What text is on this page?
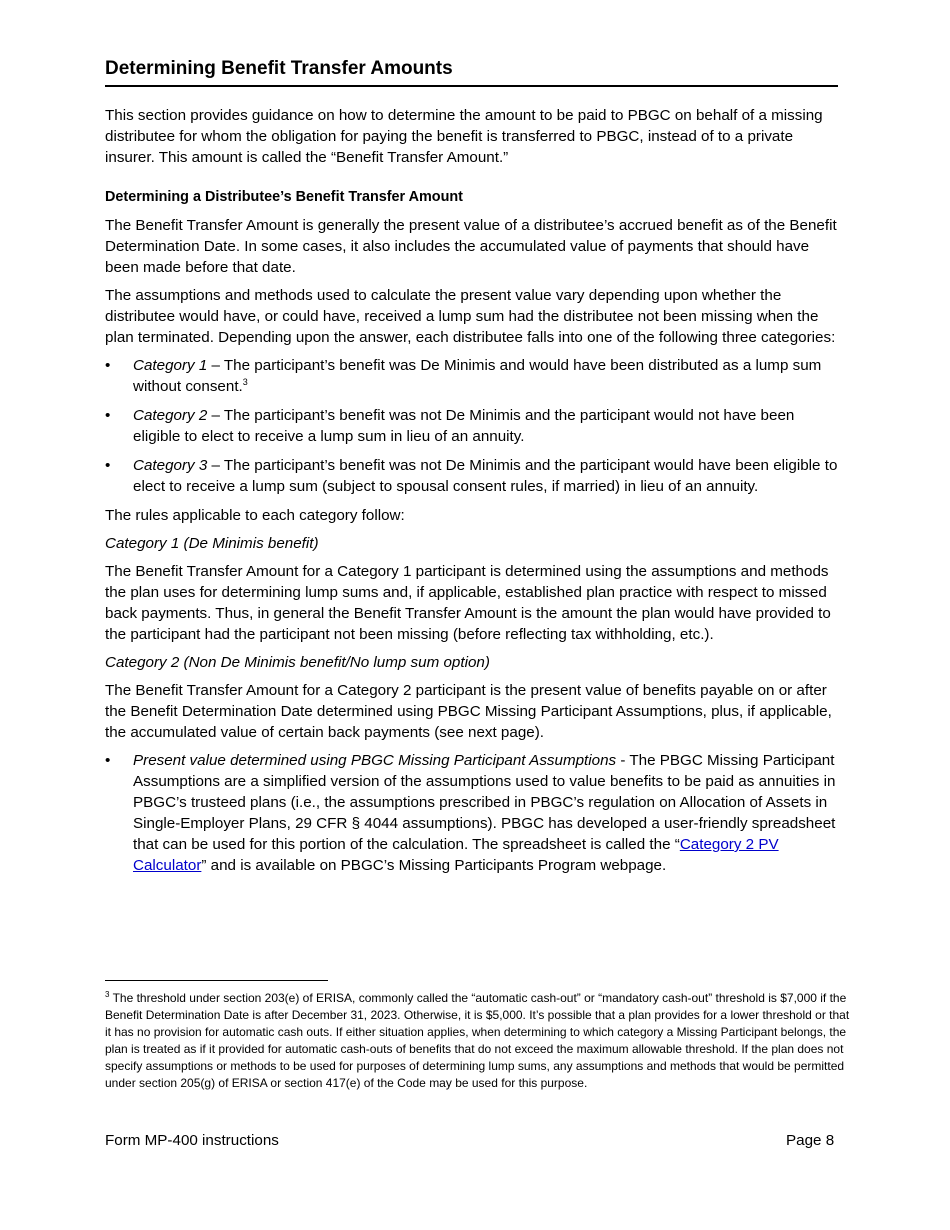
Determining Benefit Transfer Amounts

This section provides guidance on how to determine the amount to be paid to PBGC on behalf of a missing distributee for whom the obligation for paying the benefit is transferred to PBGC, instead of to a private insurer. This amount is called the “Benefit Transfer Amount.”

Determining a Distributee’s Benefit Transfer Amount

The Benefit Transfer Amount is generally the present value of a distributee’s accrued benefit as of the Benefit Determination Date. In some cases, it also includes the accumulated value of payments that should have been made before that date.

The assumptions and methods used to calculate the present value vary depending upon whether the distributee would have, or could have, received a lump sum had the distributee not been missing when the plan terminated. Depending upon the answer, each distributee falls into one of the following three categories:

•	Category 1 – The participant’s benefit was De Minimis and would have been distributed as a lump sum without consent.$^3$
•	Category 2 – The participant’s benefit was not De Minimis and the participant would not have been eligible to elect to receive a lump sum in lieu of an annuity.
•	Category 3 – The participant’s benefit was not De Minimis and the participant would have been eligible to elect to receive a lump sum (subject to spousal consent rules, if married) in lieu of an annuity.

The rules applicable to each category follow:

Category 1 (De Minimis benefit)

The Benefit Transfer Amount for a Category 1 participant is determined using the assumptions and methods the plan uses for determining lump sums and, if applicable, established plan practice with respect to missed back payments. Thus, in general the Benefit Transfer Amount is the amount the plan would have provided to the participant had the participant not been missing (before reflecting tax withholding, etc.).

Category 2 (Non De Minimis benefit/No lump sum option)

The Benefit Transfer Amount for a Category 2 participant is the present value of benefits payable on or after the Benefit Determination Date determined using PBGC Missing Participant Assumptions, plus, if applicable, the accumulated value of certain back payments (see next page).

•	Present value determined using PBGC Missing Participant Assumptions - The PBGC Missing Participant Assumptions are a simplified version of the assumptions used to value benefits to be paid as annuities in PBGC’s trusteed plans (i.e., the assumptions prescribed in PBGC’s regulation on Allocation of Assets in Single-Employer Plans, 29 CFR § 4044 assumptions). PBGC has developed a user-friendly spreadsheet that can be used for this portion of the calculation. The spreadsheet is called the “Category 2 PV Calculator” and is available on PBGC’s Missing Participants Program webpage.
$^3$ The threshold under section 203(e) of ERISA, commonly called the “automatic cash-out” or “mandatory cash-out” threshold is $7,000 if the Benefit Determination Date is after December 31, 2023. Otherwise, it is $5,000. It’s possible that a plan provides for a lower threshold or that it has no provision for automatic cash outs. If either situation applies, when determining to which category a Missing Participant belongs, the plan is treated as if it provided for automatic cash-outs of benefits that do not exceed the maximum allowable threshold. If the plan does not specify assumptions or methods to be used for purposes of determining lump sums, any assumptions and methods that would be permitted under section 205(g) of ERISA or section 417(e) of the Code may be used for this purpose.
Form MP-400 instructions	Page 8
